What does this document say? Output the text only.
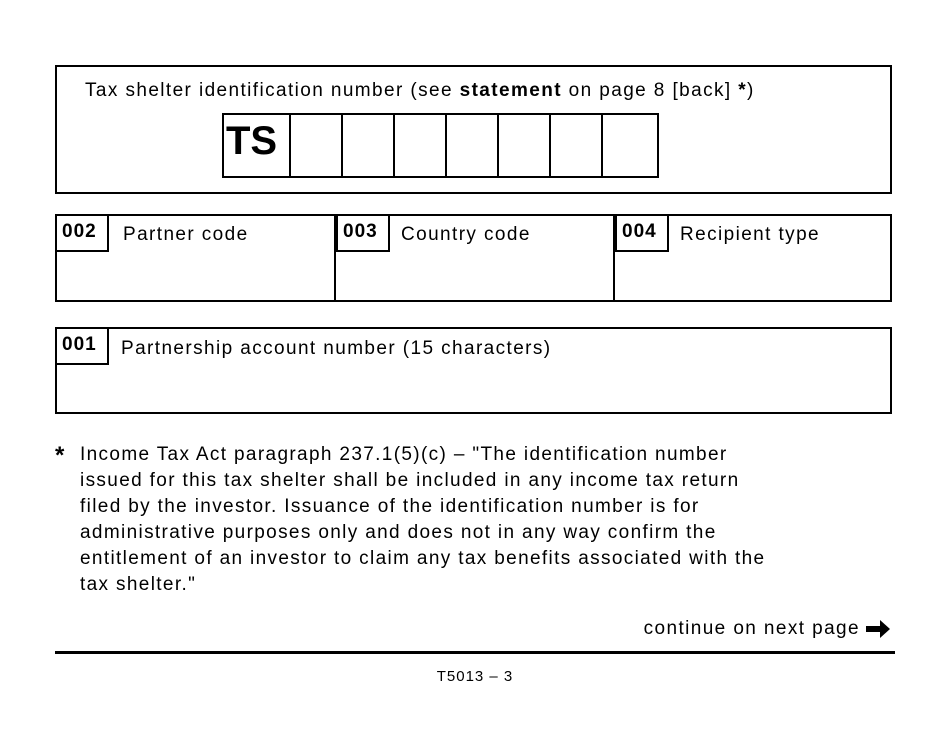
Tax shelter identification number (see statement on page 8 [back] *)
TS
002	Partner code	003	Country code	004	Recipient type
001	Partnership account number (15 characters)
* Income Tax Act paragraph 237.1(5)(c) – "The identification number
issued for this tax shelter shall be included in any income tax return
filed by the investor. Issuance of the identification number is for
administrative purposes only and does not in any way confirm the
entitlement of an investor to claim any tax benefits associated with the
tax shelter."
continue on next page
T5013 – 3
